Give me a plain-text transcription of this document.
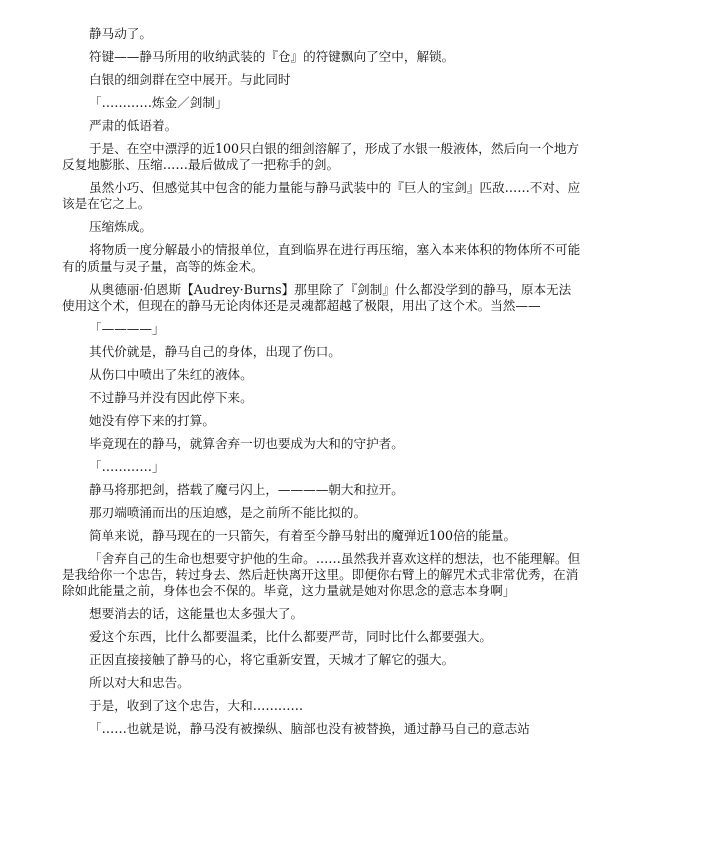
静马动了。

符键——静马所用的收纳武装的『仓』的符键飘向了空中，解锁。

白银的细剑群在空中展开。与此同时

「…………炼金／剑制」

严肃的低语着。

于是、在空中漂浮的近100只白银的细剑溶解了，形成了水银一般液体，然后向一个地方反复地膨胀、压缩……最后做成了一把称手的剑。

虽然小巧、但感觉其中包含的能力量能与静马武装中的『巨人的宝剑』匹敌……不对、应该是在它之上。

压缩炼成。

将物质一度分解最小的情报单位，直到临界在进行再压缩，塞入本来体积的物体所不可能有的质量与灵子量，高等的炼金术。

从奥德丽·伯恩斯【Audrey·Burns】那里除了『剑制』什么都没学到的静马，原本无法使用这个术，但现在的静马无论肉体还是灵魂都超越了极限，用出了这个术。当然——

「————」

其代价就是，静马自己的身体，出现了伤口。

从伤口中喷出了朱红的液体。

不过静马并没有因此停下来。

她没有停下来的打算。

毕竟现在的静马，就算舍弃一切也要成为大和的守护者。

「…………」

静马将那把剑，搭载了魔弓闪上，————朝大和拉开。

那刃端喷涌而出的压迫感，是之前所不能比拟的。

简单来说，静马现在的一只箭矢，有着至今静马射出的魔弹近100倍的能量。

「舍弃自己的生命也想要守护他的生命。……虽然我并喜欢这样的想法，也不能理解。但是我给你一个忠告，转过身去、然后赶快离开这里。即便你右臂上的解咒术式非常优秀，在消除如此能量之前，身体也会不保的。毕竟，这力量就是她对你思念的意志本身啊」

想要消去的话，这能量也太多强大了。

爱这个东西，比什么都要温柔，比什么都要严苛，同时比什么都要强大。

正因直接接触了静马的心，将它重新安置，天城才了解它的强大。

所以对大和忠告。

于是，收到了这个忠告，大和…………

「……也就是说，静马没有被操纵、脑部也没有被替换，通过静马自己的意志站
